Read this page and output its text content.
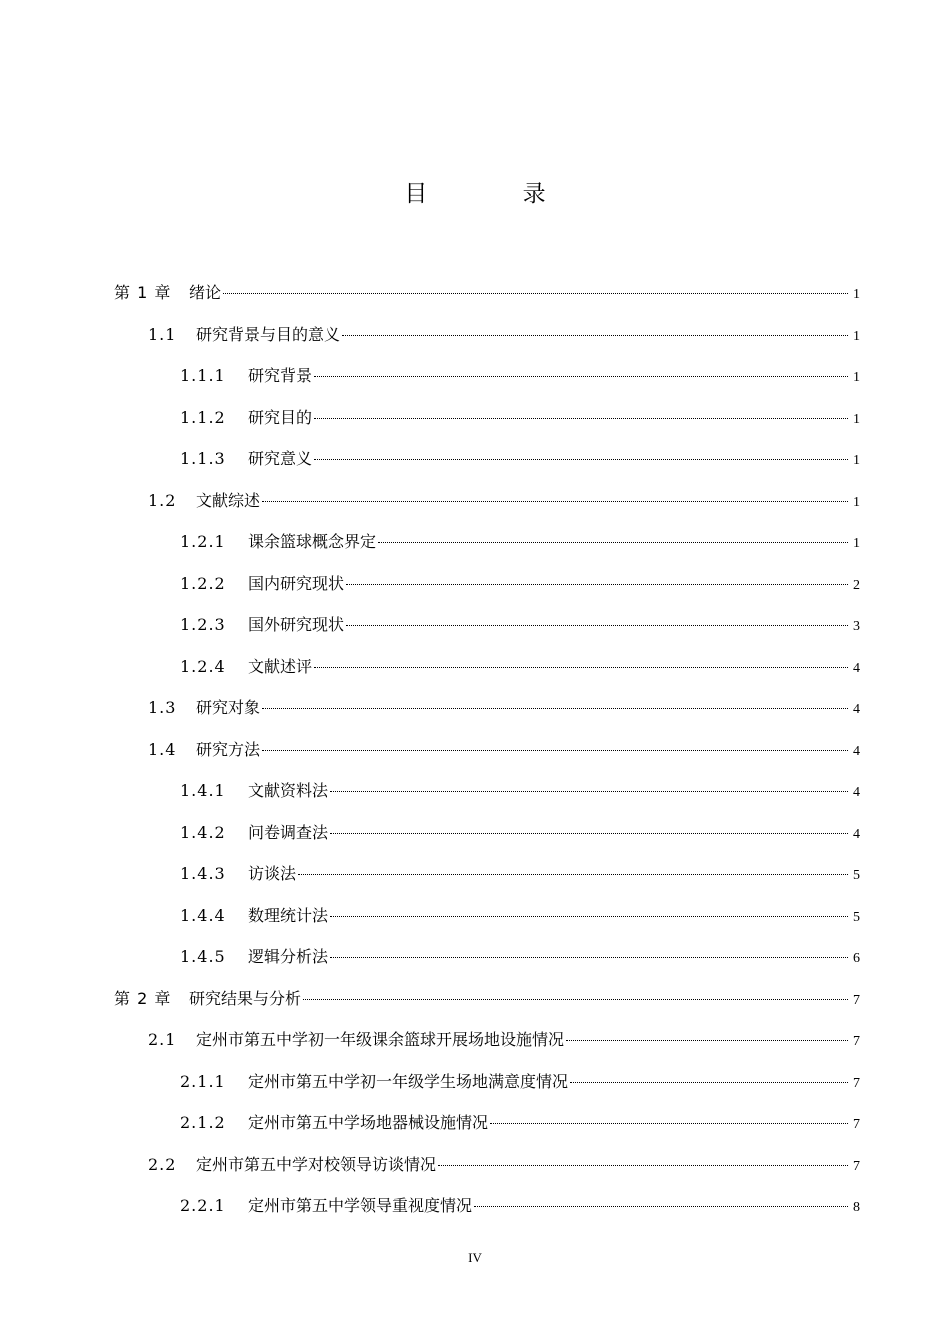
目 录
第 1 章	绪论	1
1.1	研究背景与目的意义	1
1.1.1	研究背景	1
1.1.2	研究目的	1
1.1.3	研究意义	1
1.2	文献综述	1
1.2.1	课余篮球概念界定	1
1.2.2	国内研究现状	2
1.2.3	国外研究现状	3
1.2.4	文献述评	4
1.3	研究对象	4
1.4	研究方法	4
1.4.1	文献资料法	4
1.4.2	问卷调查法	4
1.4.3	访谈法	5
1.4.4	数理统计法	5
1.4.5	逻辑分析法	6
第 2 章	研究结果与分析	7
2.1	定州市第五中学初一年级课余篮球开展场地设施情况	7
2.1.1	定州市第五中学初一年级学生场地满意度情况	7
2.1.2	定州市第五中学场地器械设施情况	7
2.2	定州市第五中学对校领导访谈情况	7
2.2.1	定州市第五中学领导重视度情况	8
IV
